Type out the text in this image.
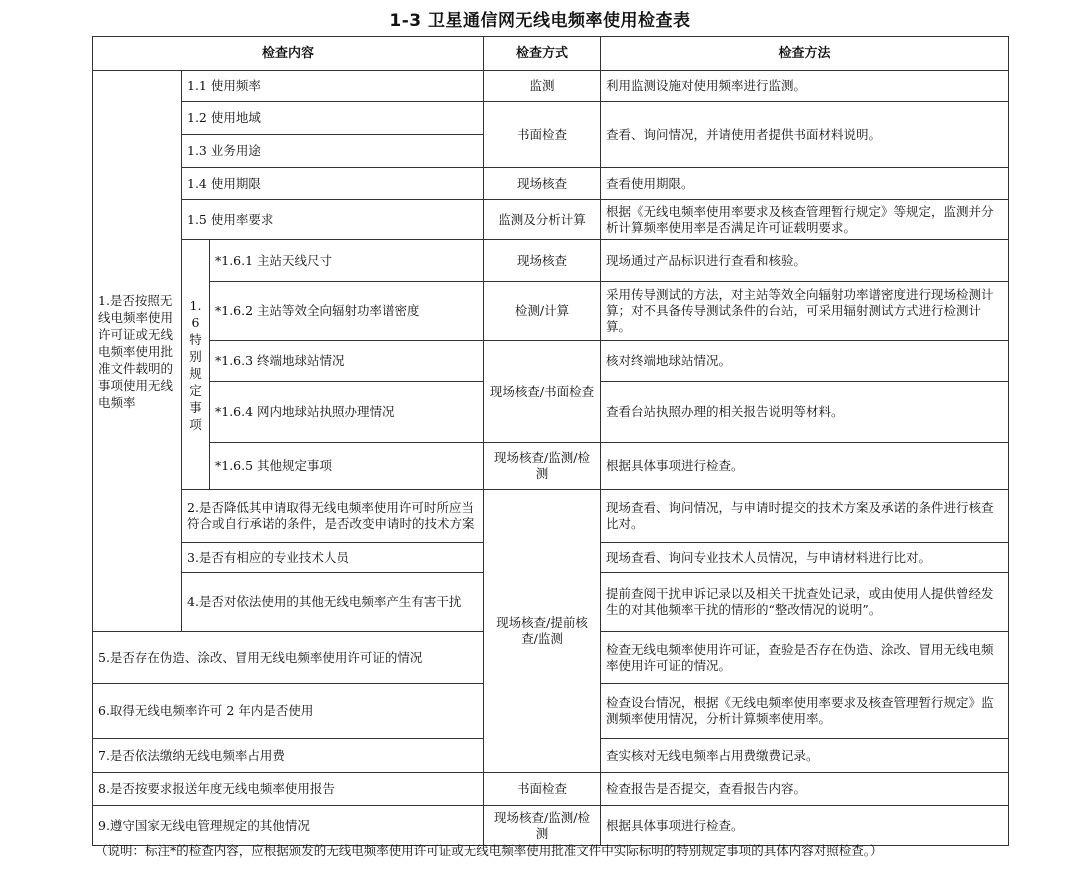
1-3 卫星通信网无线电频率使用检查表
检查内容			检查方式	检查方法
1.是否按照无线电频率使用许可证或无线电频率使用批准文件载明的事项使用无线电频率	1.1 使用频率		监测	利用监测设施对使用频率进行监测。
	1.2 使用地域		书面检查	查看、询问情况，并请使用者提供书面材料说明。
	1.3 业务用途			
	1.4 使用期限		现场核查	查看使用期限。
	1.5 使用率要求		监测及分析计算	根据《无线电频率使用率要求及核查管理暂行规定》等规定，监测并分析计算频率使用率是否满足许可证载明要求。
	1.6 特别规定事项	*1.6.1 主站天线尺寸	现场核查	现场通过产品标识进行查看和核验。
		*1.6.2 主站等效全向辐射功率谱密度	检测/计算	采用传导测试的方法，对主站等效全向辐射功率谱密度进行现场检测计算；对不具备传导测试条件的台站，可采用辐射测试方式进行检测计算。
		*1.6.3 终端地球站情况	现场核查/书面检查	核对终端地球站情况。
		*1.6.4 网内地球站执照办理情况		查看台站执照办理的相关报告说明等材料。
		*1.6.5 其他规定事项	现场核查/监测/检测	根据具体事项进行检查。
	2.是否降低其申请取得无线电频率使用许可时所应当符合或自行承诺的条件，是否改变申请时的技术方案		现场核查/提前核查/监测	现场查看、询问情况，与申请时提交的技术方案及承诺的条件进行核查比对。
	3.是否有相应的专业技术人员			现场查看、询问专业技术人员情况，与申请材料进行比对。
	4.是否对依法使用的其他无线电频率产生有害干扰			提前查阅干扰申诉记录以及相关干扰查处记录，或由使用人提供曾经发生的对其他频率干扰的情形的“整改情况的说明”。
5.是否存在伪造、涂改、冒用无线电频率使用许可证的情况				检查无线电频率使用许可证，查验是否存在伪造、涂改、冒用无线电频率使用许可证的情况。
6.取得无线电频率许可 2 年内是否使用				检查设台情况，根据《无线电频率使用率要求及核查管理暂行规定》监测频率使用情况，分析计算频率使用率。
7.是否依法缴纳无线电频率占用费				查实核对无线电频率占用费缴费记录。
8.是否按要求报送年度无线电频率使用报告			书面检查	检查报告是否提交，查看报告内容。
9.遵守国家无线电管理规定的其他情况			现场核查/监测/检测	根据具体事项进行检查。
（说明：标注*的检查内容，应根据颁发的无线电频率使用许可证或无线电频率使用批准文件中实际标明的特别规定事项的具体内容对照检查。）
